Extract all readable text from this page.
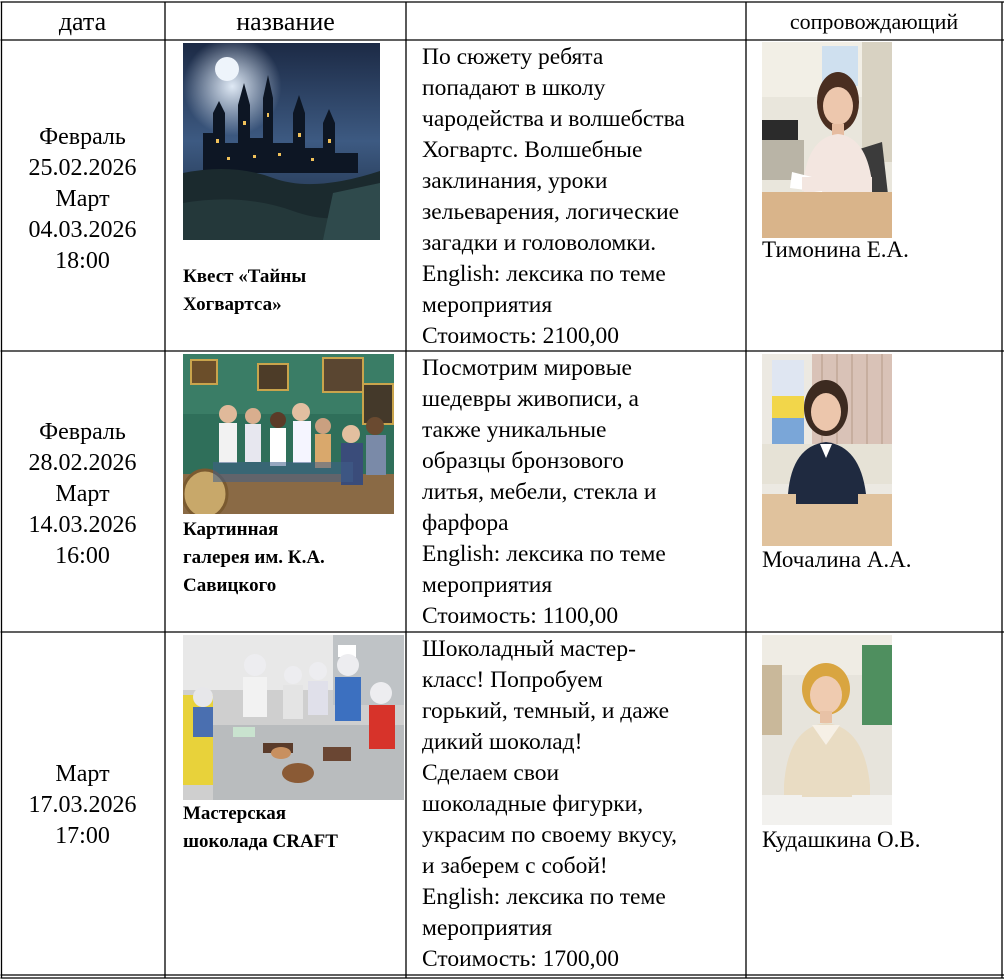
дата	название	сопровождающий
Февраль
25.02.2026
Март
04.03.2026
18:00
Квест «Тайны
Хогвартса»
По сюжету ребята
попадают в школу
чародейства и волшебства
Хогвартс. Волшебные
заклинания, уроки
зельеварения, логические
загадки и головоломки.
English: лексика по теме
мероприятия
Стоимость: 2100,00
Тимонина Е.А.
Февраль
28.02.2026
Март
14.03.2026
16:00
Картинная
галерея им. К.А.
Савицкого
Посмотрим мировые
шедевры живописи, а
также уникальные
образцы бронзового
литья, мебели, стекла и
фарфора
English: лексика по теме
мероприятия
Стоимость: 1100,00
Мочалина А.А.
Март
17.03.2026
17:00
Мастерская
шоколада CRAFT
Шоколадный мастер-
класс! Попробуем
горький, темный, и даже
дикий шоколад!
Сделаем свои
шоколадные фигурки,
украсим по своему вкусу,
и заберем с собой!
English: лексика по теме
мероприятия
Стоимость: 1700,00
Кудашкина О.В.
